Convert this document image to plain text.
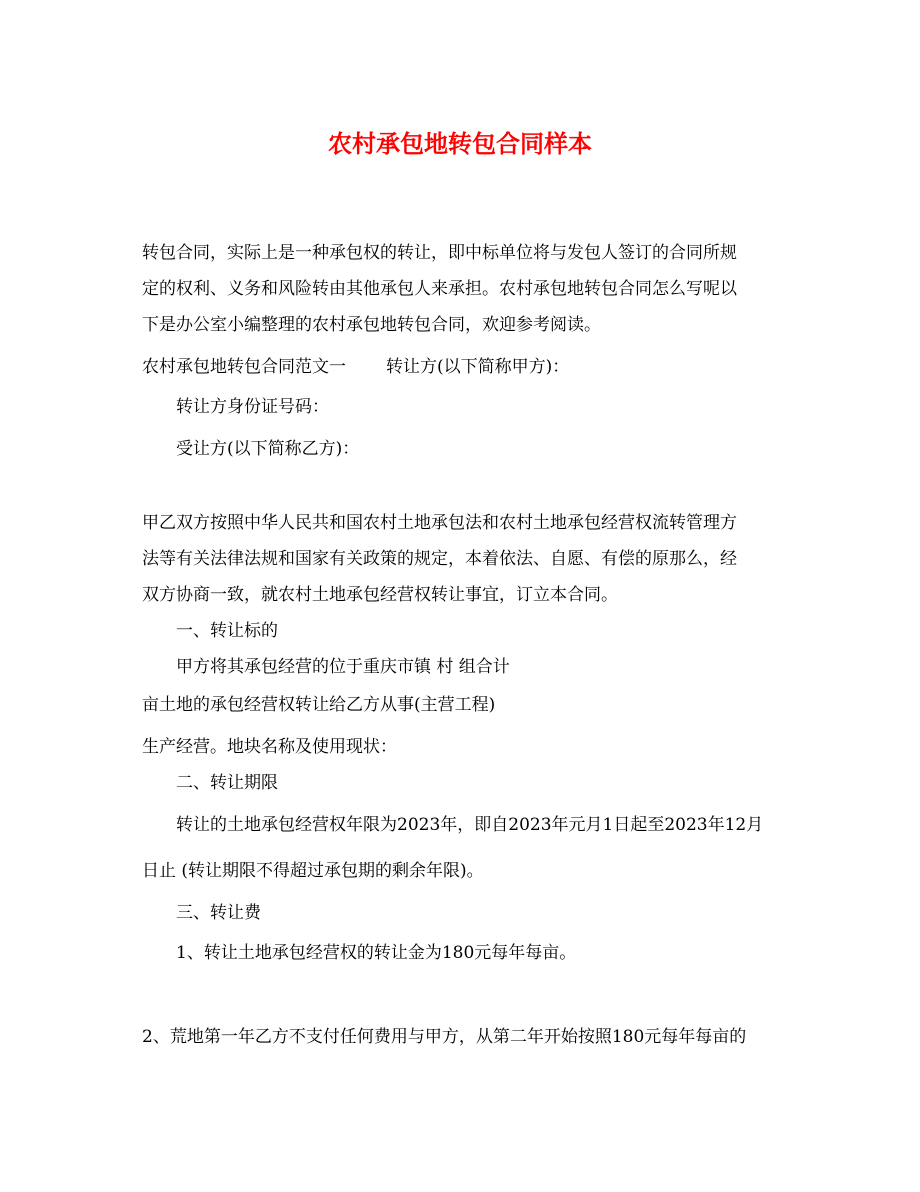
农村承包地转包合同样本
转包合同，实际上是一种承包权的转让，即中标单位将与发包人签订的合同所规
定的权利、义务和风险转由其他承包人来承担。农村承包地转包合同怎么写呢以
下是办公室小编整理的农村承包地转包合同，欢迎参考阅读。
农村承包地转包合同范文一 转让方(以下简称甲方)：
转让方身份证号码：
受让方(以下简称乙方)：
甲乙双方按照中华人民共和国农村土地承包法和农村土地承包经营权流转管理方
法等有关法律法规和国家有关政策的规定，本着依法、自愿、有偿的原那么，经
双方协商一致，就农村土地承包经营权转让事宜，订立本合同。
一、转让标的
甲方将其承包经营的位于重庆市镇 村 组合计
亩土地的承包经营权转让给乙方从事(主营工程)
生产经营。地块名称及使用现状：
二、转让期限
转让的土地承包经营权年限为2023年，即自2023年元月1日起至2023年12月
日止 (转让期限不得超过承包期的剩余年限)。
三、转让费
1、转让土地承包经营权的转让金为180元每年每亩。
2、荒地第一年乙方不支付任何费用与甲方，从第二年开始按照180元每年每亩的
